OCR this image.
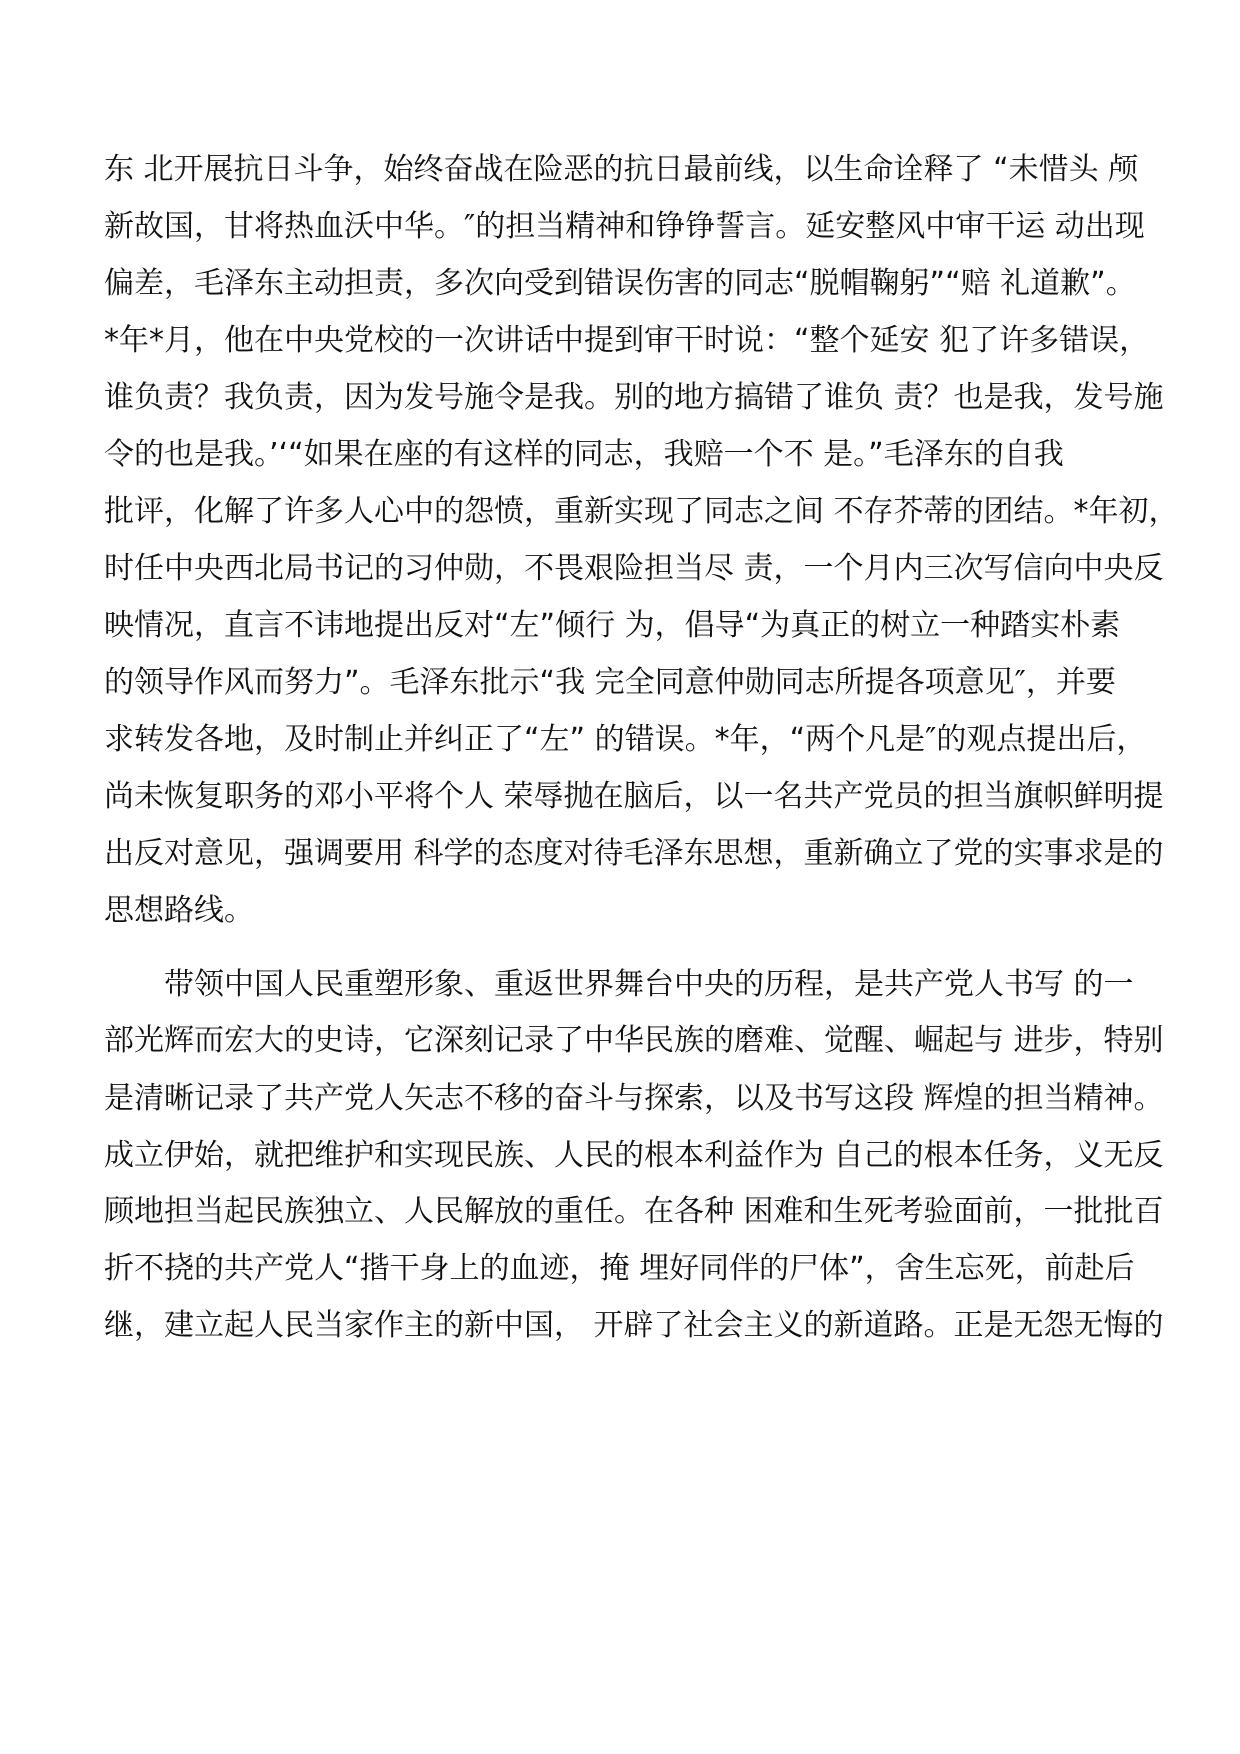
东 北开展抗日斗争，始终奋战在险恶的抗日最前线，以生命诠释了 “未惜头 颅
新故国，甘将热血沃中华。″的担当精神和铮铮誓言。延安整风中审干运 动出现
偏差，毛泽东主动担责，多次向受到错误伤害的同志“脱帽鞠躬”“赔 礼道歉”。
*年*月，他在中央党校的一次讲话中提到审干时说：“整个延安 犯了许多错误，
谁负责？我负责，因为发号施令是我。别的地方搞错了谁负 责？也是我，发号施
令的也是我。’‘“如果在座的有这样的同志，我赔一个不 是。”毛泽东的自我
批评，化解了许多人心中的怨愤，重新实现了同志之间 不存芥蒂的团结。*年初，
时任中央西北局书记的习仲勋，不畏艰险担当尽 责，一个月内三次写信向中央反
映情况，直言不讳地提出反对“左”倾行 为，倡导“为真正的树立一种踏实朴素
的领导作风而努力”。毛泽东批示“我 完全同意仲勋同志所提各项意见″，并要
求转发各地，及时制止并纠正了“左” 的错误。*年，“两个凡是″的观点提出后，
尚未恢复职务的邓小平将个人 荣辱抛在脑后，以一名共产党员的担当旗帜鲜明提
出反对意见，强调要用 科学的态度对待毛泽东思想，重新确立了党的实事求是的
思想路线。
带领中国人民重塑形象、重返世界舞台中央的历程，是共产党人书写 的一
部光辉而宏大的史诗，它深刻记录了中华民族的磨难、觉醒、崛起与 进步，特别
是清晰记录了共产党人矢志不移的奋斗与探索，以及书写这段 辉煌的担当精神。
成立伊始，就把维护和实现民族、人民的根本利益作为 自己的根本任务，义无反
顾地担当起民族独立、人民解放的重任。在各种 困难和生死考验面前，一批批百
折不挠的共产党人“揩干身上的血迹，掩 埋好同伴的尸体”，舍生忘死，前赴后
继，建立起人民当家作主的新中国， 开辟了社会主义的新道路。正是无怨无悔的
